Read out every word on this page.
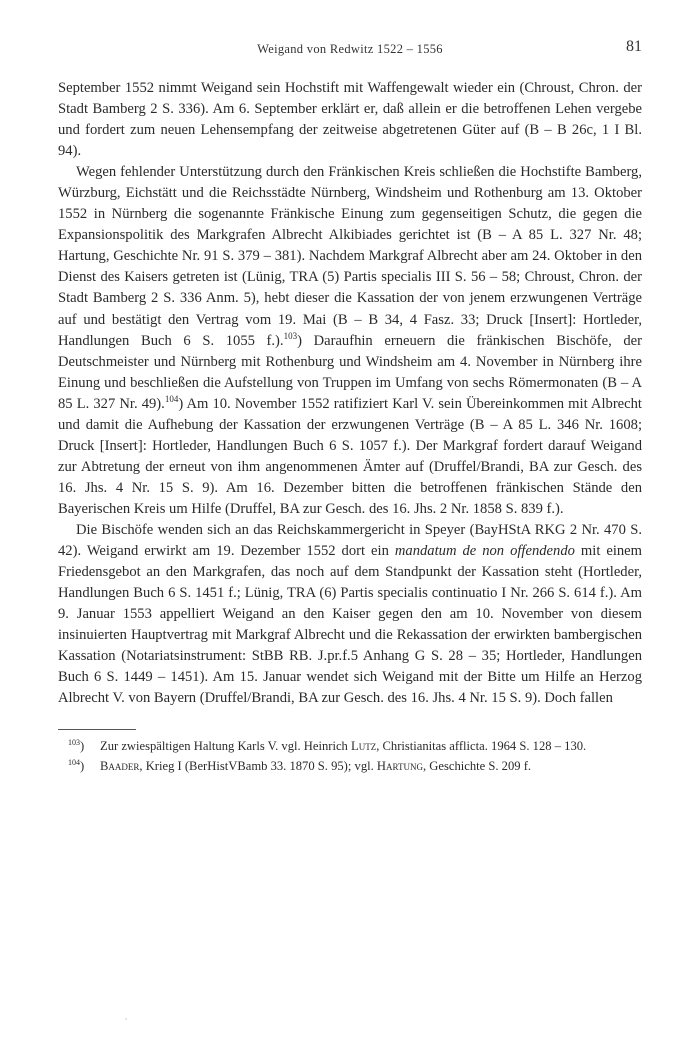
Weigand von Redwitz 1522 – 1556	81

September 1552 nimmt Weigand sein Hochstift mit Waffengewalt wieder ein (Chroust, Chron. der Stadt Bamberg 2 S. 336). Am 6. September erklärt er, daß allein er die betroffenen Lehen vergebe und fordert zum neuen Lehensempfang der zeitweise abgetretenen Güter auf (B – B 26c, 1 I Bl. 94).

Wegen fehlender Unterstützung durch den Fränkischen Kreis schließen die Hochstifte Bamberg, Würzburg, Eichstätt und die Reichsstädte Nürnberg, Windsheim und Rothenburg am 13. Oktober 1552 in Nürnberg die sogenannte Fränkische Einung zum gegenseitigen Schutz, die gegen die Expansionspolitik des Markgrafen Albrecht Alkibiades gerichtet ist (B – A 85 L. 327 Nr. 48; Hartung, Geschichte Nr. 91 S. 379 – 381). Nachdem Markgraf Albrecht aber am 24. Oktober in den Dienst des Kaisers getreten ist (Lünig, TRA (5) Partis specialis III S. 56 – 58; Chroust, Chron. der Stadt Bamberg 2 S. 336 Anm. 5), hebt dieser die Kassation der von jenem erzwungenen Verträge auf und bestätigt den Vertrag vom 19. Mai (B – B 34, 4 Fasz. 33; Druck [Insert]: Hortleder, Handlungen Buch 6 S. 1055 f.).$^{103}$) Daraufhin erneuern die fränkischen Bischöfe, der Deutschmeister und Nürnberg mit Rothenburg und Windsheim am 4. November in Nürnberg ihre Einung und beschließen die Aufstellung von Truppen im Umfang von sechs Römermonaten (B – A 85 L. 327 Nr. 49).$^{104}$) Am 10. November 1552 ratifiziert Karl V. sein Übereinkommen mit Albrecht und damit die Aufhebung der Kassation der erzwungenen Verträge (B – A 85 L. 346 Nr. 1608; Druck [Insert]: Hortleder, Handlungen Buch 6 S. 1057 f.). Der Markgraf fordert darauf Weigand zur Abtretung der erneut von ihm angenommenen Ämter auf (Druffel/Brandi, BA zur Gesch. des 16. Jhs. 4 Nr. 15 S. 9). Am 16. Dezember bitten die betroffenen fränkischen Stände den Bayerischen Kreis um Hilfe (Druffel, BA zur Gesch. des 16. Jhs. 2 Nr. 1858 S. 839 f.).

Die Bischöfe wenden sich an das Reichskammergericht in Speyer (BayHStA RKG 2 Nr. 470 S. 42). Weigand erwirkt am 19. Dezember 1552 dort ein mandatum de non offendendo mit einem Friedensgebot an den Markgrafen, das noch auf dem Standpunkt der Kassation steht (Hortleder, Handlungen Buch 6 S. 1451 f.; Lünig, TRA (6) Partis specialis continuatio I Nr. 266 S. 614 f.). Am 9. Januar 1553 appelliert Weigand an den Kaiser gegen den am 10. November von diesem insinuierten Hauptvertrag mit Markgraf Albrecht und die Rekassation der erwirkten bambergischen Kassation (Notariatsinstrument: StBB RB. J.pr.f.5 Anhang G S. 28 – 35; Hortleder, Handlungen Buch 6 S. 1449 – 1451). Am 15. Januar wendet sich Weigand mit der Bitte um Hilfe an Herzog Albrecht V. von Bayern (Druffel/Brandi, BA zur Gesch. des 16. Jhs. 4 Nr. 15 S. 9). Doch fallen

$^{103}$) Zur zwiespältigen Haltung Karls V. vgl. Heinrich Lutz, Christianitas afflicta. 1964 S. 128 – 130.
$^{104}$) Baader, Krieg I (BerHistVBamb 33. 1870 S. 95); vgl. Hartung, Geschichte S. 209 f.
